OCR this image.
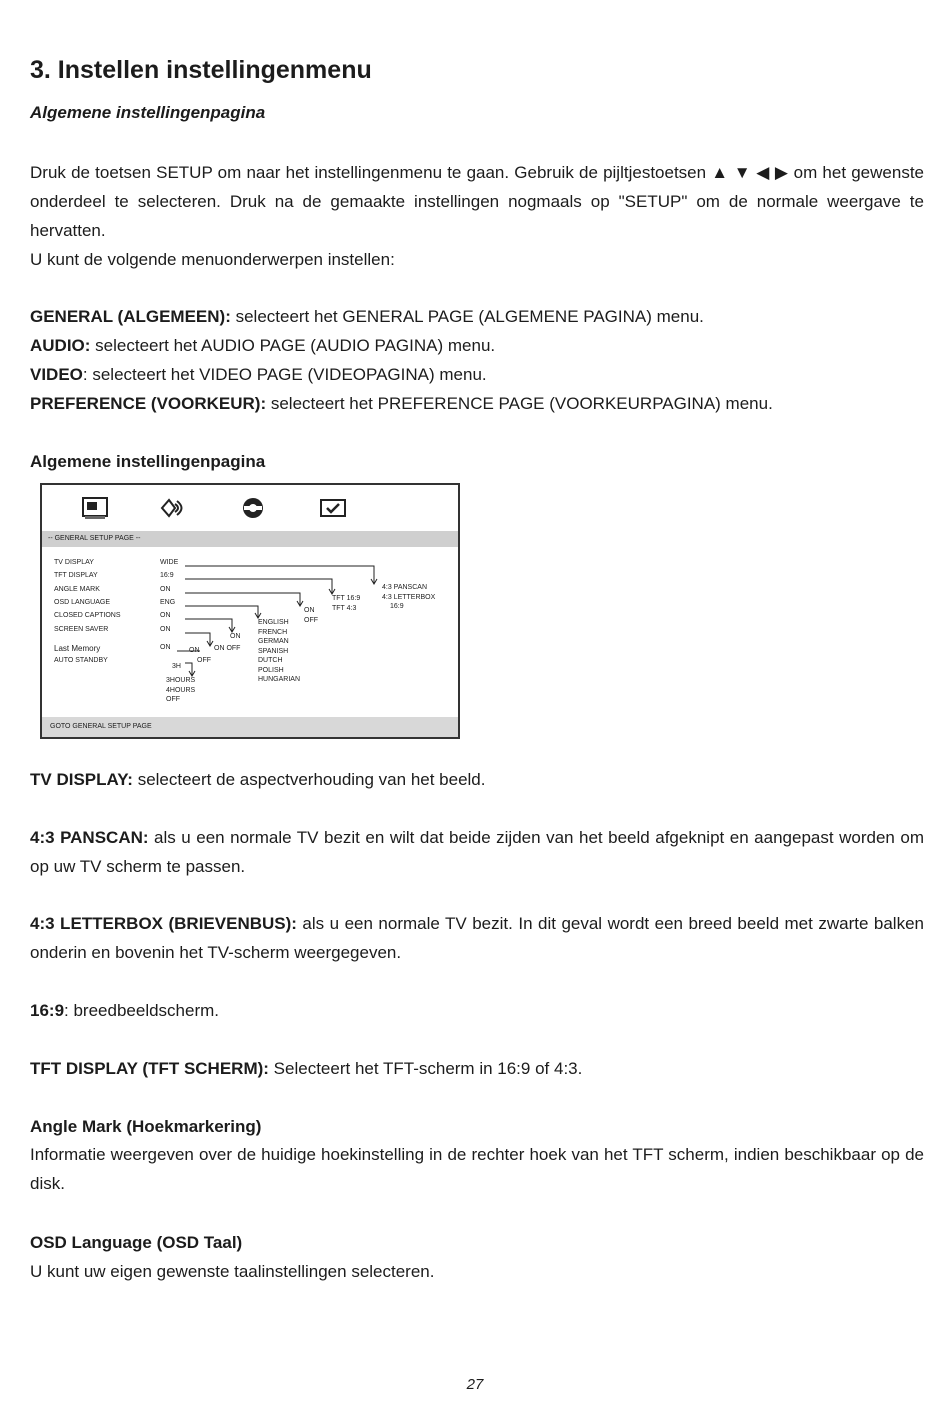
3. Instellen instellingenmenu
Algemene instellingenpagina
Druk de toetsen SETUP om naar het instellingenmenu te gaan. Gebruik de pijltjestoetsen ▲ ▼ ◀ ▶ om het gewenste onderdeel te selecteren. Druk na de gemaakte instellingen nogmaals op "SETUP" om de normale weergave te hervatten.
U kunt de volgende menuonderwerpen instellen:
GENERAL (ALGEMEEN): selecteert het GENERAL PAGE (ALGEMENE PAGINA) menu.
AUDIO: selecteert het AUDIO PAGE (AUDIO PAGINA) menu.
VIDEO: selecteert het VIDEO PAGE (VIDEOPAGINA) menu.
PREFERENCE (VOORKEUR): selecteert het PREFERENCE PAGE (VOORKEURPAGINA) menu.
Algemene instellingenpagina
TV DISPLAY: selecteert de aspectverhouding van het beeld.
4:3 PANSCAN: als u een normale TV bezit en wilt dat beide zijden van het beeld afgeknipt en aangepast worden om op uw TV scherm te passen.
4:3 LETTERBOX (BRIEVENBUS): als u een normale TV bezit. In dit geval wordt een breed beeld met zwarte balken onderin en bovenin het TV-scherm weergegeven.
16:9: breedbeeldscherm.
TFT DISPLAY (TFT SCHERM): Selecteert het TFT-scherm in 16:9 of 4:3.
Angle Mark (Hoekmarkering)
Informatie weergeven over de huidige hoekinstelling in de rechter hoek van het TFT scherm, indien beschikbaar op de disk.
OSD Language (OSD Taal)
U kunt uw eigen gewenste taalinstellingen selecteren.
-- GENERAL SETUP PAGE --
TV DISPLAY	WIDE
TFT DISPLAY	16:9
ANGLE MARK	ON
OSD LANGUAGE	ENG
CLOSED CAPTIONS	ON
SCREEN SAVER	ON
Last Memory	ON
AUTO STANDBY
3H
4:3 PANSCAN
4:3 LETTERBOX
16:9
TFT 16:9
TFT 4:3
ON
OFF
ENGLISH
FRENCH
GERMAN
SPANISH
DUTCH
POLISH
HUNGARIAN
ON
ON OFF
ON
OFF
3HOURS
4HOURS
OFF
GOTO GENERAL SETUP PAGE
27
